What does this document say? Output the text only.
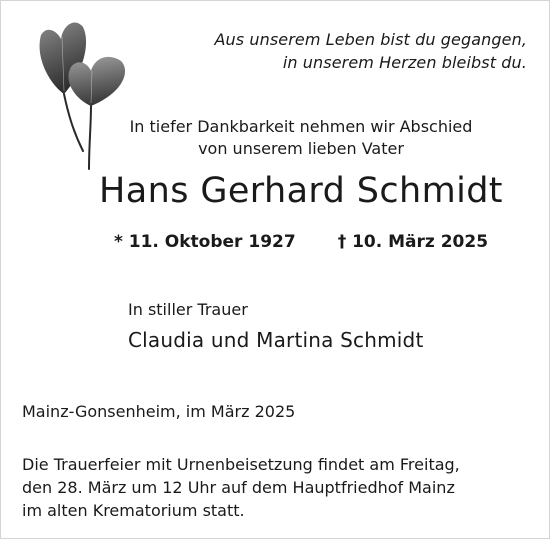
Aus unserem Leben bist du gegangen,
in unserem Herzen bleibst du.
In tiefer Dankbarkeit nehmen wir Abschied
von unserem lieben Vater
Hans Gerhard Schmidt
* 11. Oktober 1927 † 10. März 2025
In stiller Trauer
Claudia und Martina Schmidt
Mainz-Gonsenheim, im März 2025
Die Trauerfeier mit Urnenbeisetzung findet am Freitag,
den 28. März um 12 Uhr auf dem Hauptfriedhof Mainz
im alten Krematorium statt.
